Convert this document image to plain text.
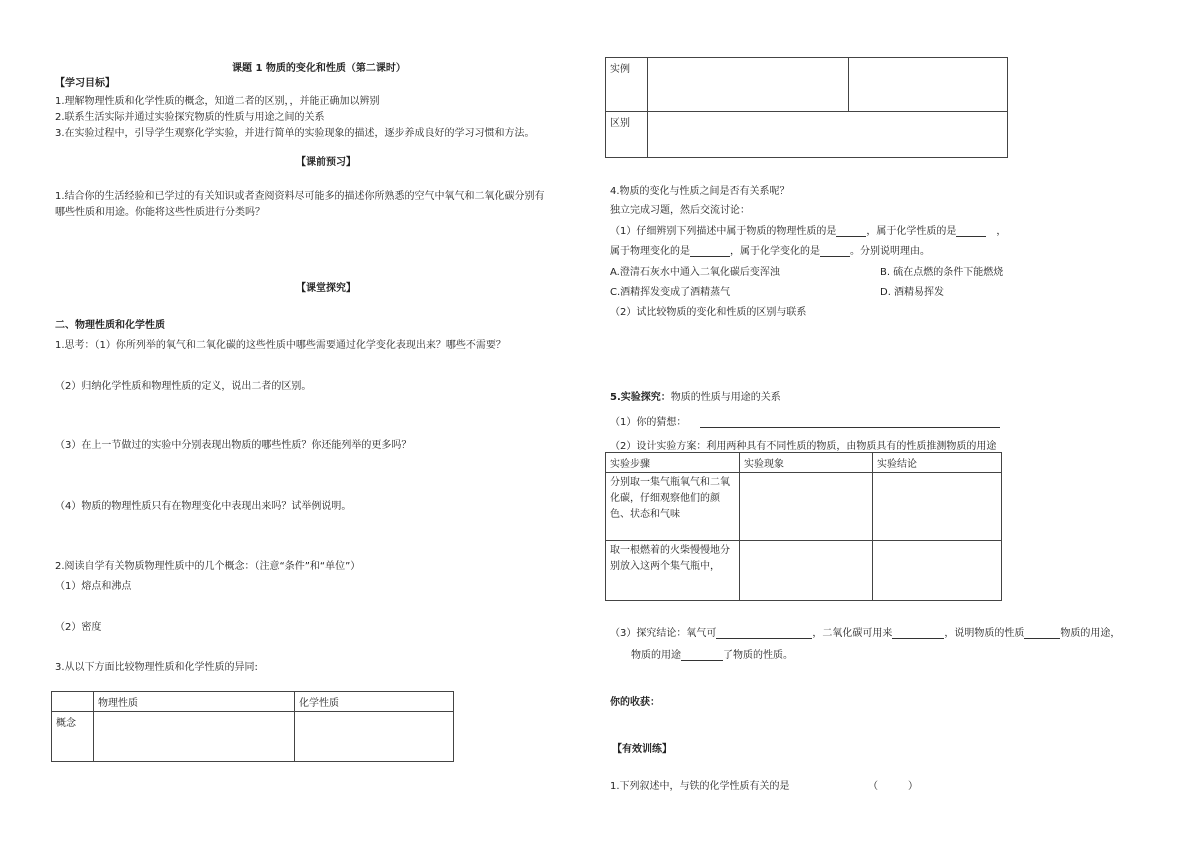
课题 1 物质的变化和性质（第二课时）
【学习目标】
1.理解物理性质和化学性质的概念，知道二者的区别，，并能正确加以辨别
2.联系生活实际并通过实验探究物质的性质与用途之间的关系
3.在实验过程中，引导学生观察化学实验，并进行简单的实验现象的描述，逐步养成良好的学习习惯和方法。
【课前预习】
1.结合你的生活经验和已学过的有关知识或者查阅资料尽可能多的描述你所熟悉的空气中氧气和二氧化碳分别有
哪些性质和用途。你能将这些性质进行分类吗？
【课堂探究】
二、物理性质和化学性质
1.思考：（1）你所列举的氧气和二氧化碳的这些性质中哪些需要通过化学变化表现出来？哪些不需要？
（2）归纳化学性质和物理性质的定义，说出二者的区别。
（3）在上一节做过的实验中分别表现出物质的哪些性质？你还能列举的更多吗？
（4）物质的物理性质只有在物理变化中表现出来吗？试举例说明。
2.阅读自学有关物质物理性质中的几个概念：（注意“条件”和“单位”）
（1）熔点和沸点
（2）密度
3.从以下方面比较物理性质和化学性质的异同:
	物理性质	化学性质
概念		
实例		
区别		
4.物质的变化与性质之间是否有关系呢？
独立完成习题，然后交流讨论：
（1）仔细辨别下列描述中属于物质的物理性质的是	，属于化学性质的是	，
属于物理变化的是	，属于化学变化的是	。分别说明理由。
A.澄清石灰水中通入二氧化碳后变浑浊	B. 硫在点燃的条件下能燃烧
C.酒精挥发变成了酒精蒸气	D. 酒精易挥发
（2）试比较物质的变化和性质的区别与联系
5.实验探究：物质的性质与用途的关系
（1）你的猜想：
（2）设计实验方案：利用两种具有不同性质的物质，由物质具有的性质推测物质的用途
实验步骤	实验现象	实验结论
分别取一集气瓶氧气和二氧化碳，仔细观察他们的颜色、状态和气味		
取一根燃着的火柴慢慢地分别放入这两个集气瓶中，		
（3）探究结论：氧气可	，二氧化碳可用来	，说明物质的性质	物质的用途，
物质的用途	了物质的性质。
你的收获：
【有效训练】
1.下列叙述中，与铁的化学性质有关的是	（　　　）
